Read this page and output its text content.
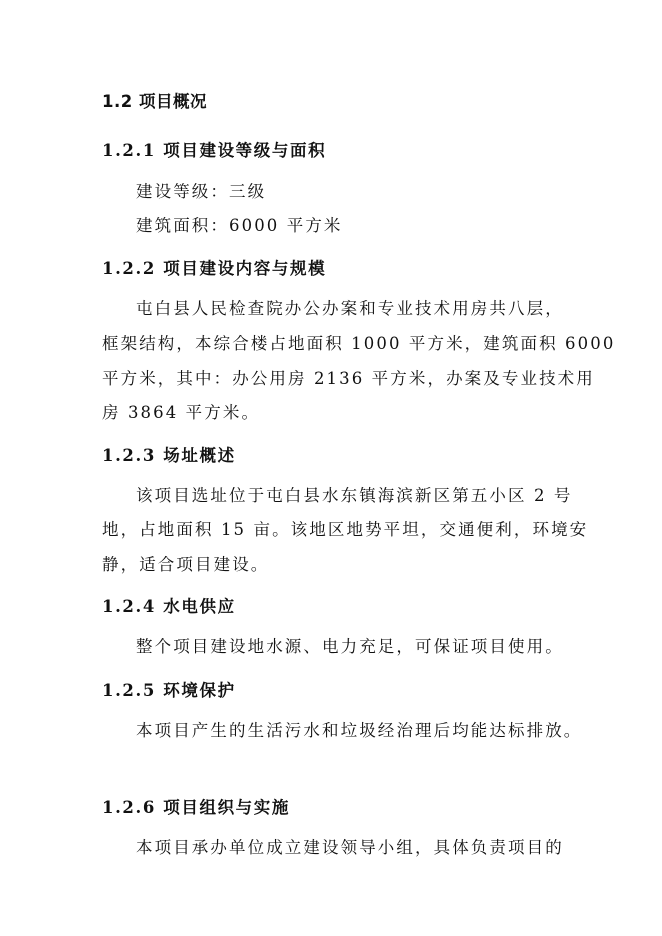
1.2 项目概况
1.2.1 项目建设等级与面积
建设等级：三级
建筑面积：6000 平方米
1.2.2 项目建设内容与规模
屯白县人民检查院办公办案和专业技术用房共八层，
框架结构，本综合楼占地面积 1000 平方米，建筑面积 6000
平方米，其中：办公用房 2136 平方米，办案及专业技术用
房 3864 平方米。
1.2.3 场址概述
该项目选址位于屯白县水东镇海滨新区第五小区 2 号
地，占地面积 15 亩。该地区地势平坦，交通便利，环境安
静，适合项目建设。
1.2.4 水电供应
整个项目建设地水源、电力充足，可保证项目使用。
1.2.5 环境保护
本项目产生的生活污水和垃圾经治理后均能达标排放。
1.2.6 项目组织与实施
本项目承办单位成立建设领导小组，具体负责项目的
